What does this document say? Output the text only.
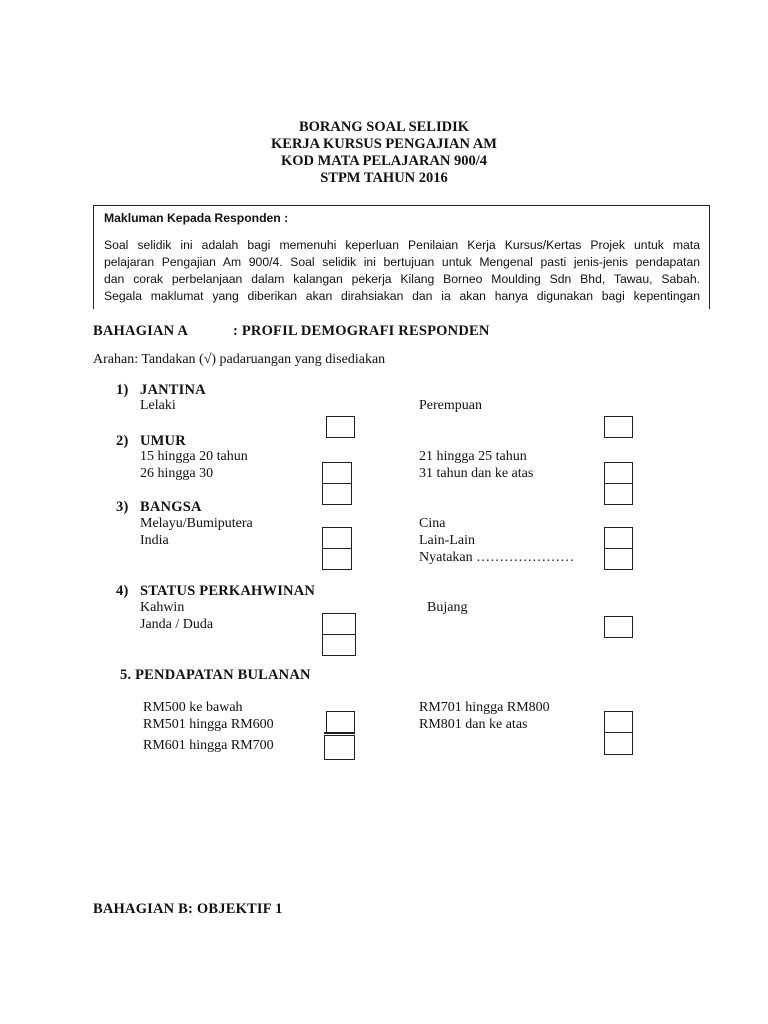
BORANG SOAL SELIDIK
KERJA KURSUS PENGAJIAN AM
KOD MATA PELAJARAN 900/4
STPM TAHUN 2016
Makluman Kepada Responden :
Soal selidik ini adalah bagi memenuhi keperluan Penilaian Kerja Kursus/Kertas Projek untuk mata
pelajaran Pengajian Am 900/4. Soal selidik ini bertujuan untuk Mengenal pasti jenis-jenis pendapatan
dan corak perbelanjaan dalam kalangan pekerja Kilang Borneo Moulding Sdn Bhd, Tawau, Sabah.
Segala maklumat yang diberikan akan dirahsiakan dan ia akan hanya digunakan bagi kepentingan
BAHAGIAN A	: PROFIL DEMOGRAFI RESPONDEN
Arahan: Tandakan (√) padaruangan yang disediakan
1) JANTINA
Lelaki	Perempuan
2) UMUR
15 hingga 20 tahun	21 hingga 25 tahun
26 hingga 30	31 tahun dan ke atas
3) BANGSA
Melayu/Bumiputera	Cina
India	Lain-Lain
Nyatakan …………………
4) STATUS PERKAHWINAN
Kahwin	Bujang
Janda / Duda
5. PENDAPATAN BULANAN
RM500 ke bawah	RM701 hingga RM800
RM501 hingga RM600	RM801 dan ke atas
RM601 hingga RM700
BAHAGIAN B: OBJEKTIF 1
